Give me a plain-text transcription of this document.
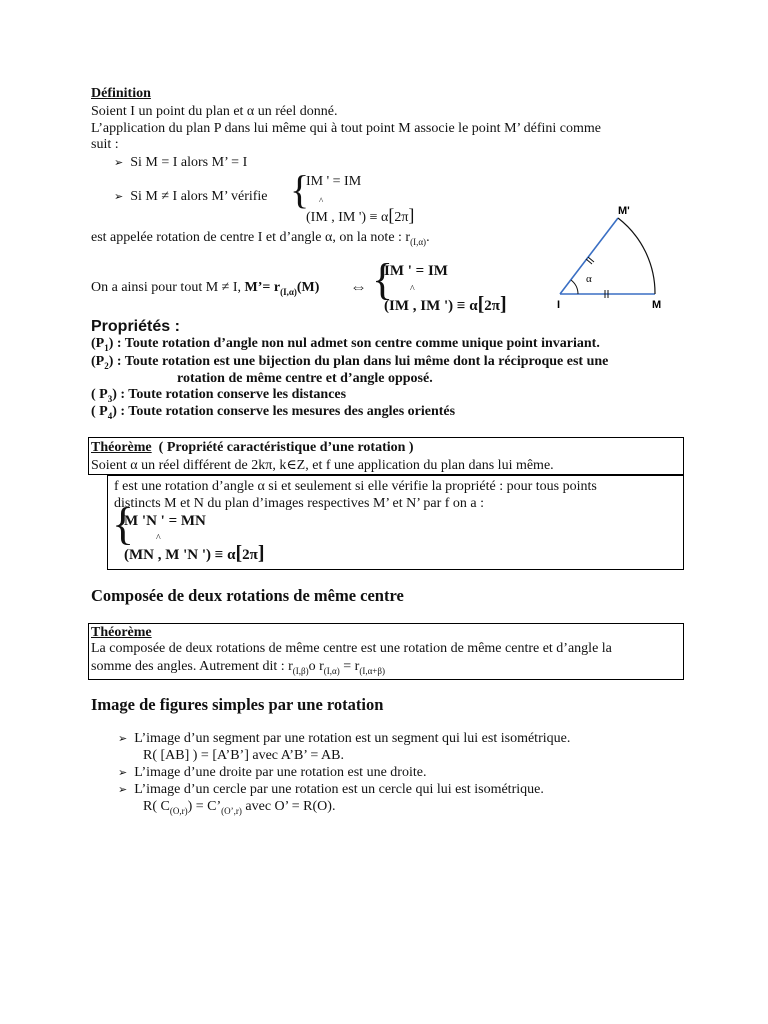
Définition
Soient I un point du plan et α un réel donné.
L’application du plan P dans lui même qui à tout point M associe le point M’ défini comme
suit :
➢ Si M = I alors M’ = I
➢ Si M ≠ I alors M’ vérifie {
IM ' = IM
(IM , IM ') ≡ α[2π]
^
est appelée rotation de centre I et d’angle α, on la note : $r_{(I,\alpha)}$.
On a ainsi pour tout M ≠ I, M’= $r_{(I,\alpha)}(M)$ ⇔ {
IM ' = IM
(IM , IM ') ≡ α[2π]
^
M'
I	M
α
Propriétés :
$(P_1)$ : Toute rotation d’angle non nul admet son centre comme unique point invariant.
$(P_2)$ : Toute rotation est une bijection du plan dans lui même dont la réciproque est une
rotation de même centre et d’angle opposé.
( $P_3$) : Toute rotation conserve les distances
( $P_4$) : Toute rotation conserve les mesures des angles orientés
Théorème ( Propriété caractéristique d’une rotation )
Soient α un réel différent de 2kπ, k∈Z, et f une application du plan dans lui même.
f est une rotation d’angle α si et seulement si elle vérifie la propriété : pour tous points
distincts M et N du plan d’images respectives M’ et N’ par f on a :
{
M 'N ' = MN
(MN , M 'N ') ≡ α[2π]
^
Composée de deux rotations de même centre
Théorème
La composée de deux rotations de même centre est une rotation de même centre et d’angle la
somme des angles. Autrement dit : $r_{(I,\beta)}o$ $r_{(I,\alpha)} = r_{(I,\alpha+\beta)}$
Image de figures simples par une rotation
➢ L’image d’un segment par une rotation est un segment qui lui est isométrique.
R( [AB] ) = [A’B’] avec A’B’ = AB.
➢ L’image d’une droite par une rotation est une droite.
➢ L’image d’un cercle par une rotation est un cercle qui lui est isométrique.
R( $C_{(O,r)}$) = $C’_{(O’,r)}$ avec O’ = R(O).
